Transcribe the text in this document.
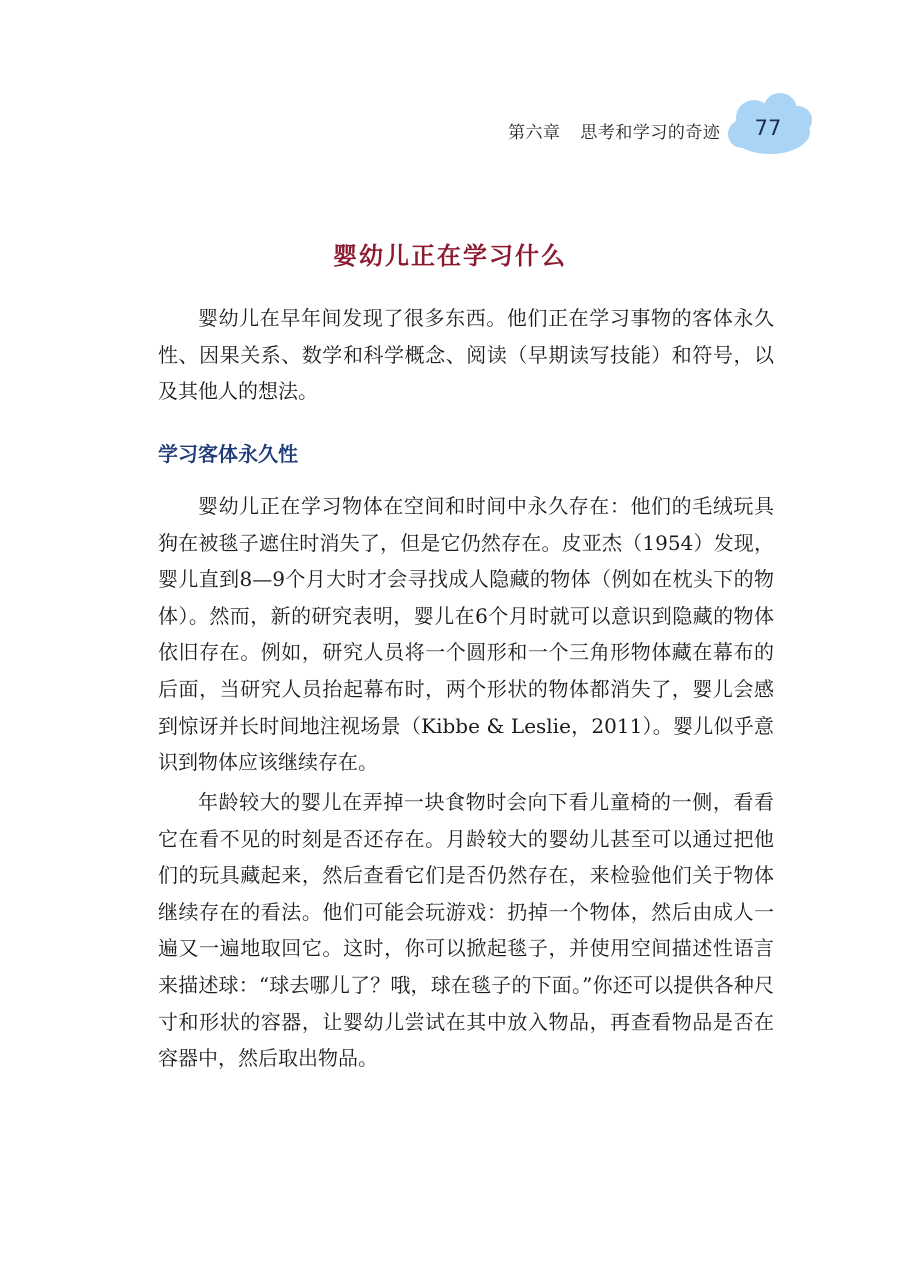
第六章 思考和学习的奇迹	77
婴幼儿正在学习什么

婴幼儿在早年间发现了很多东西。他们正在学习事物的客体永久性、因果关系、数学和科学概念、阅读（早期读写技能）和符号，以及其他人的想法。

学习客体永久性

婴幼儿正在学习物体在空间和时间中永久存在：他们的毛绒玩具狗在被毯子遮住时消失了，但是它仍然存在。皮亚杰（1954）发现，婴儿直到8—9个月大时才会寻找成人隐藏的物体（例如在枕头下的物体）。然而，新的研究表明，婴儿在6个月时就可以意识到隐藏的物体依旧存在。例如，研究人员将一个圆形和一个三角形物体藏在幕布的后面，当研究人员抬起幕布时，两个形状的物体都消失了，婴儿会感到惊讶并长时间地注视场景（Kibbe & Leslie，2011）。婴儿似乎意识到物体应该继续存在。

年龄较大的婴儿在弄掉一块食物时会向下看儿童椅的一侧，看看它在看不见的时刻是否还存在。月龄较大的婴幼儿甚至可以通过把他们的玩具藏起来，然后查看它们是否仍然存在，来检验他们关于物体继续存在的看法。他们可能会玩游戏：扔掉一个物体，然后由成人一遍又一遍地取回它。这时，你可以掀起毯子，并使用空间描述性语言来描述球：“球去哪儿了？哦，球在毯子的下面。”你还可以提供各种尺寸和形状的容器，让婴幼儿尝试在其中放入物品，再查看物品是否在容器中，然后取出物品。
